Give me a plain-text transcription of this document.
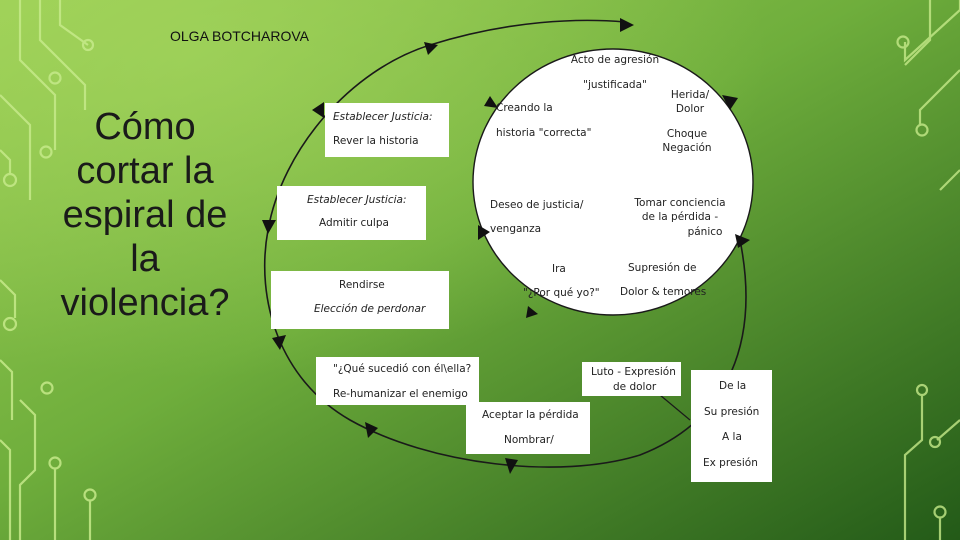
OLGA BOTCHAROVA
Cómo
cortar la
espiral de
la
violencia?
Acto de agresión
"justificada"
Herida/
Dolor
Choque
Negación
Creando la
historia "correcta"
Deseo de justicia/
venganza
Tomar conciencia
de la pérdida -
pánico
Ira
"¿Por qué yo?"
Supresión de
Dolor & temores
Establecer Justicia:
Rever la historia
Establecer Justicia:
Admitir culpa
Rendirse
Elección de perdonar
"¿Qué sucedió con él\ella?
Re-humanizar el enemigo
Aceptar la pérdida
Nombrar/
Luto - Expresión
de dolor	De la
Su presión
A la
Ex presión
